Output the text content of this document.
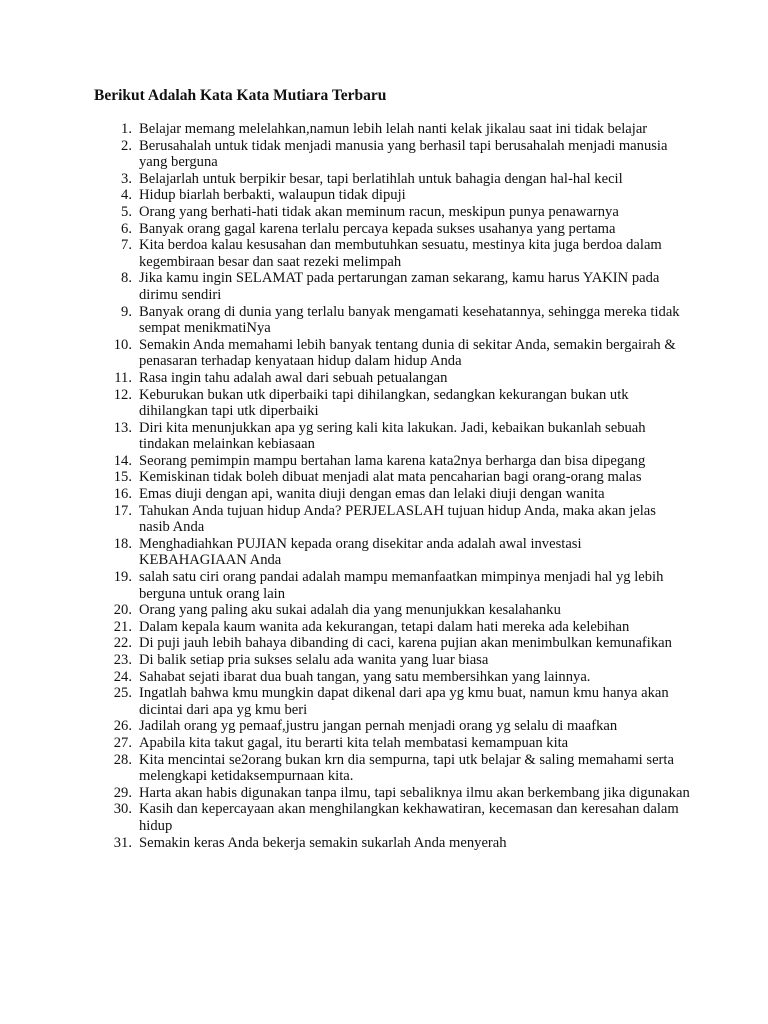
Berikut Adalah Kata Kata Mutiara Terbaru
1. Belajar memang melelahkan,namun lebih lelah nanti kelak jikalau saat ini tidak belajar
2. Berusahalah untuk tidak menjadi manusia yang berhasil tapi berusahalah menjadi manusia yang berguna
3. Belajarlah untuk berpikir besar, tapi berlatihlah untuk bahagia dengan hal-hal kecil
4. Hidup biarlah berbakti, walaupun tidak dipuji
5. Orang yang berhati-hati tidak akan meminum racun, meskipun punya penawarnya
6. Banyak orang gagal karena terlalu percaya kepada sukses usahanya yang pertama
7. Kita berdoa kalau kesusahan dan membutuhkan sesuatu, mestinya kita juga berdoa dalam kegembiraan besar dan saat rezeki melimpah
8. Jika kamu ingin SELAMAT pada pertarungan zaman sekarang, kamu harus YAKIN pada dirimu sendiri
9. Banyak orang di dunia yang terlalu banyak mengamati kesehatannya, sehingga mereka tidak sempat menikmatiNya
10. Semakin Anda memahami lebih banyak tentang dunia di sekitar Anda, semakin bergairah & penasaran terhadap kenyataan hidup dalam hidup Anda
11. Rasa ingin tahu adalah awal dari sebuah petualangan
12. Keburukan bukan utk diperbaiki tapi dihilangkan, sedangkan kekurangan bukan utk dihilangkan tapi utk diperbaiki
13. Diri kita menunjukkan apa yg sering kali kita lakukan. Jadi, kebaikan bukanlah sebuah tindakan melainkan kebiasaan
14. Seorang pemimpin mampu bertahan lama karena kata2nya berharga dan bisa dipegang
15. Kemiskinan tidak boleh dibuat menjadi alat mata pencaharian bagi orang-orang malas
16. Emas diuji dengan api, wanita diuji dengan emas dan lelaki diuji dengan wanita
17. Tahukan Anda tujuan hidup Anda? PERJELASLAH tujuan hidup Anda, maka akan jelas nasib Anda
18. Menghadiahkan PUJIAN kepada orang disekitar anda adalah awal investasi KEBAHAGIAAN Anda
19. salah satu ciri orang pandai adalah mampu memanfaatkan mimpinya menjadi hal yg lebih berguna untuk orang lain
20. Orang yang paling aku sukai adalah dia yang menunjukkan kesalahanku
21. Dalam kepala kaum wanita ada kekurangan, tetapi dalam hati mereka ada kelebihan
22. Di puji jauh lebih bahaya dibanding di caci, karena pujian akan menimbulkan kemunafikan
23. Di balik setiap pria sukses selalu ada wanita yang luar biasa
24. Sahabat sejati ibarat dua buah tangan, yang satu membersihkan yang lainnya.
25. Ingatlah bahwa kmu mungkin dapat dikenal dari apa yg kmu buat, namun kmu hanya akan dicintai dari apa yg kmu beri
26. Jadilah orang yg pemaaf,justru jangan pernah menjadi orang yg selalu di maafkan
27. Apabila kita takut gagal, itu berarti kita telah membatasi kemampuan kita
28. Kita mencintai se2orang bukan krn dia sempurna, tapi utk belajar & saling memahami serta melengkapi ketidaksempurnaan kita.
29. Harta akan habis digunakan tanpa ilmu, tapi sebaliknya ilmu akan berkembang jika digunakan
30. Kasih dan kepercayaan akan menghilangkan kekhawatiran, kecemasan dan keresahan dalam hidup
31. Semakin keras Anda bekerja semakin sukarlah Anda menyerah
